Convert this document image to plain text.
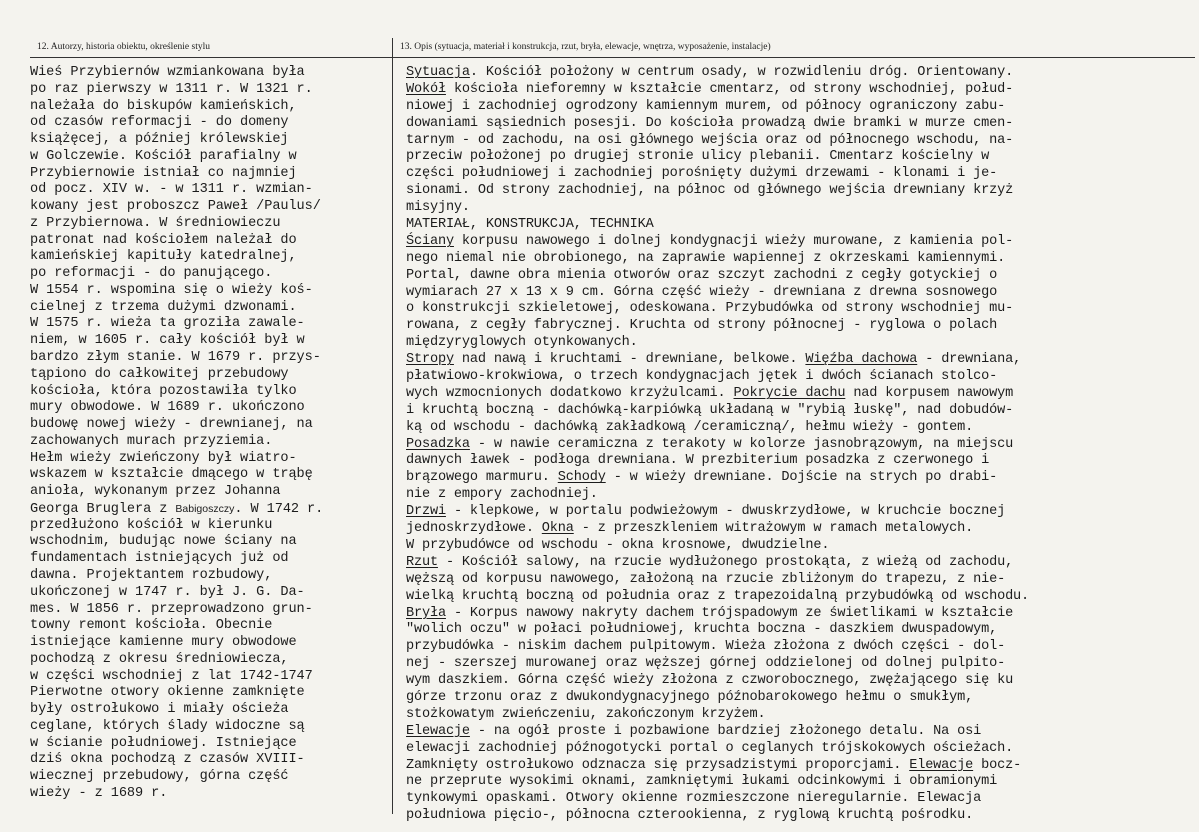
12. Autorzy, historia obiektu, określenie stylu	13. Opis (sytuacja, materiał i konstrukcja, rzut, bryła, elewacje, wnętrza, wyposażenie, instalacje)
Wieś Przybiernów wzmiankowana była
po raz pierwszy w 1311 r. W 1321 r.
należała do biskupów kamieńskich,
od czasów reformacji - do domeny
książęcej, a później królewskiej
w Golczewie. Kościół parafialny w
Przybiernowie istniał co najmniej
od pocz. XIV w. - w 1311 r. wzmian-
kowany jest proboszcz Paweł /Paulus/
z Przybiernowa. W średniowieczu
patronat nad kościołem należał do
kamieńskiej kapituły katedralnej,
po reformacji - do panującego.
W 1554 r. wspomina się o wieży koś-
cielnej z trzema dużymi dzwonami.
W 1575 r. wieża ta groziła zawale-
niem, w 1605 r. cały kościół był w
bardzo złym stanie. W 1679 r. przys-
tąpiono do całkowitej przebudowy
kościoła, która pozostawiła tylko
mury obwodowe. W 1689 r. ukończono
budowę nowej wieży - drewnianej, na
zachowanych murach przyziemia.
Hełm wieży zwieńczony był wiatro-
wskazem w kształcie dmącego w trąbę
anioła, wykonanym przez Johanna
Georga Bruglera z Babigoszczy. W 1742 r.
przedłużono kościół w kierunku
wschodnim, budując nowe ściany na
fundamentach istniejących już od
dawna. Projektantem rozbudowy,
ukończonej w 1747 r. był J. G. Da-
mes. W 1856 r. przeprowadzono grun-
towny remont kościoła. Obecnie
istniejące kamienne mury obwodowe
pochodzą z okresu średniowiecza,
w części wschodniej z lat 1742-1747
Pierwotne otwory okienne zamknięte
były ostrołukowo i miały ościeża
ceglane, których ślady widoczne są
w ścianie południowej. Istniejące
dziś okna pochodzą z czasów XVIII-
wiecznej przebudowy, górna część
wieży - z 1689 r.
Sytuacja. Kościół położony w centrum osady, w rozwidleniu dróg. Orientowany.
Wokół kościoła nieforemny w kształcie cmentarz, od strony wschodniej, połud-
niowej i zachodniej ogrodzony kamiennym murem, od północy ograniczony zabu-
dowaniami sąsiednich posesji. Do kościoła prowadzą dwie bramki w murze cmen-
tarnym - od zachodu, na osi głównego wejścia oraz od północnego wschodu, na-
przeciw położonej po drugiej stronie ulicy plebanii. Cmentarz kościelny w
części południowej i zachodniej porośnięty dużymi drzewami - klonami i je-
sionami. Od strony zachodniej, na północ od głównego wejścia drewniany krzyż
misyjny.
MATERIAŁ, KONSTRUKCJA, TECHNIKA
Ściany korpusu nawowego i dolnej kondygnacji wieży murowane, z kamienia pol-
nego niemal nie obrobionego, na zaprawie wapiennej z okrzeskami kamiennymi.
Portal, dawne obra mienia otworów oraz szczyt zachodni z cegły gotyckiej o
wymiarach 27 x 13 x 9 cm. Górna część wieży - drewniana z drewna sosnowego
o konstrukcji szkieletowej, odeskowana. Przybudówka od strony wschodniej mu-
rowana, z cegły fabrycznej. Kruchta od strony północnej - ryglowa o polach
międzyryglowych otynkowanych.
Stropy nad nawą i kruchtami - drewniane, belkowe. Więźba dachowa - drewniana,
płatwiowo-krokwiowa, o trzech kondygnacjach jętek i dwóch ścianach stolco-
wych wzmocnionych dodatkowo krzyżulcami. Pokrycie dachu nad korpusem nawowym
i kruchtą boczną - dachówką-karpiówką układaną w "rybią łuskę", nad dobudów-
ką od wschodu - dachówką zakładkową /ceramiczną/, hełmu wieży - gontem.
Posadzka - w nawie ceramiczna z terakoty w kolorze jasnobrązowym, na miejscu
dawnych ławek - podłoga drewniana. W prezbiterium posadzka z czerwonego i
brązowego marmuru. Schody - w wieży drewniane. Dojście na strych po drabi-
nie z empory zachodniej.
Drzwi - klepkowe, w portalu podwieżowym - dwuskrzydłowe, w kruchcie bocznej
jednoskrzydłowe. Okna - z przeszkleniem witrażowym w ramach metalowych.
W przybudówce od wschodu - okna krosnowe, dwudzielne.
Rzut - Kościół salowy, na rzucie wydłużonego prostokąta, z wieżą od zachodu,
węższą od korpusu nawowego, założoną na rzucie zbliżonym do trapezu, z nie-
wielką kruchtą boczną od południa oraz z trapezoidalną przybudówką od wschodu.
Bryła - Korpus nawowy nakryty dachem trójspadowym ze świetlikami w kształcie
"wolich oczu" w połaci południowej, kruchta boczna - daszkiem dwuspadowym,
przybudówka - niskim dachem pulpitowym. Wieża złożona z dwóch części - dol-
nej - szerszej murowanej oraz węższej górnej oddzielonej od dolnej pulpito-
wym daszkiem. Górna część wieży złożona z czworobocznego, zwężającego się ku
górze trzonu oraz z dwukondygnacyjnego późnobarokowego hełmu o smukłym,
stożkowatym zwieńczeniu, zakończonym krzyżem.
Elewacje - na ogół proste i pozbawione bardziej złożonego detalu. Na osi
elewacji zachodniej późnogotycki portal o ceglanych trójskokowych ościeżach.
Zamknięty ostrołukowo odznacza się przysadzistymi proporcjami. Elewacje bocz-
ne przeprute wysokimi oknami, zamkniętymi łukami odcinkowymi i obramionymi
tynkowymi opaskami. Otwory okienne rozmieszczone nieregularnie. Elewacja
południowa pięcio-, północna czterookienna, z ryglową kruchtą pośrodku.
